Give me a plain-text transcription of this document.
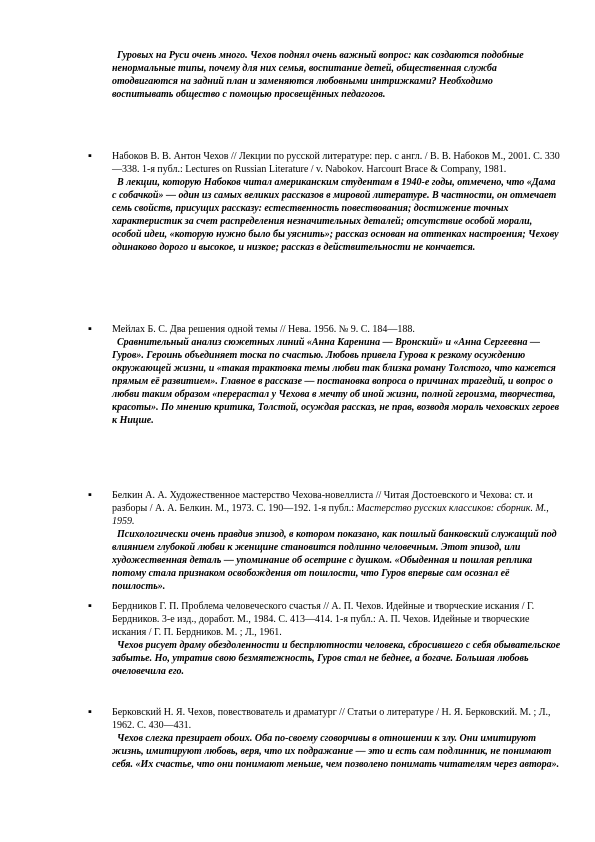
Гуровых на Руси очень много. Чехов поднял очень важный вопрос: как создаются подобные ненормальные типы, почему для них семья, воспитание детей, общественная служба отодвигаются на задний план и заменяются любовными интрижками? Необходимо воспитывать общество с помощью просвещённых педагогов.
▪	Набоков В. В. Антон Чехов // Лекции по русской литературе: пер. с англ. / В. В. Набоков М., 2001. С. 330—338. 1-я публ.: Lectures on Russian Literature / v. Nabokov. Harcourt Brace & Company, 1981.
В лекции, которую Набоков читал американским студентам в 1940-е годы, отмечено, что «Дама с собачкой» — один из самых великих рассказов в мировой литературе. В частности, он отмечает семь свойств, присущих рассказу: естественность повествования; достижение точных характеристик за счет распределения незначительных деталей; отсутствие особой морали, особой идеи, «которую нужно было бы уяснить»; рассказ основан на оттенках настроения; Чехову одинаково дорого и высокое, и низкое; рассказ в действительности не кончается.
▪	Мейлах Б. С. Два решения одной темы // Нева. 1956. № 9. С. 184—188.
Сравнительный анализ сюжетных линий «Анна Каренина — Вронский» и «Анна Сергеевна — Гуров». Героинь объединяет тоска по счастью. Любовь привела Гурова к резкому осуждению окружающей жизни, и «такая трактовка темы любви так близка роману Толстого, что кажется прямым её развитием». Главное в рассказе — постановка вопроса о причинах трагедий, и вопрос о любви таким образом «перерастал у Чехова в мечту об иной жизни, полной героизма, творчества, красоты». По мнению критика, Толстой, осуждая рассказ, не прав, возводя мораль чеховских героев к Ницше.
▪	Белкин А. А. Художественное мастерство Чехова-новеллиста // Читая Достоевского и Чехова: ст. и разборы / А. А. Белкин. М., 1973. С. 190—192. 1-я публ.: Мастерство русских классиков: сборник. М., 1959.
Психологически очень правдив эпизод, в котором показано, как пошлый банковский служащий под влиянием глубокой любви к женщине становится подлинно человечным. Этот эпизод, или художественная деталь — упоминание об осетрине с душком. «Обыденная и пошлая реплика потому стала признаком освобождения от пошлости, что Гуров впервые сам осознал её пошлость».
▪	Бердников Г. П. Проблема человеческого счастья // А. П. Чехов. Идейные и творческие искания / Г. Бердников. 3-е изд., доработ. М., 1984. С. 413—414. 1-я публ.: А. П. Чехов. Идейные и творческие искания / Г. П. Бердников. М. ; Л., 1961.
Чехов рисует драму обездоленности и беспрлютности человека, сбросившего с себя обывательское забытье. Но, утратив свою безмятежность, Гуров стал не беднее, а богаче. Большая любовь очеловечила его.
▪	Берковский Н. Я. Чехов, повествователь и драматург // Статьи о литературе / Н. Я. Берковский. М. ; Л., 1962. С. 430—431.
Чехов слегка презирает обоих. Оба по-своему сговорчивы в отношении к злу. Они имитируют жизнь, имитируют любовь, веря, что их подражание — это и есть сам подлинник, не понимают себя. «Их счастье, что они понимают меньше, чем позволено понимать читателям через автора».
